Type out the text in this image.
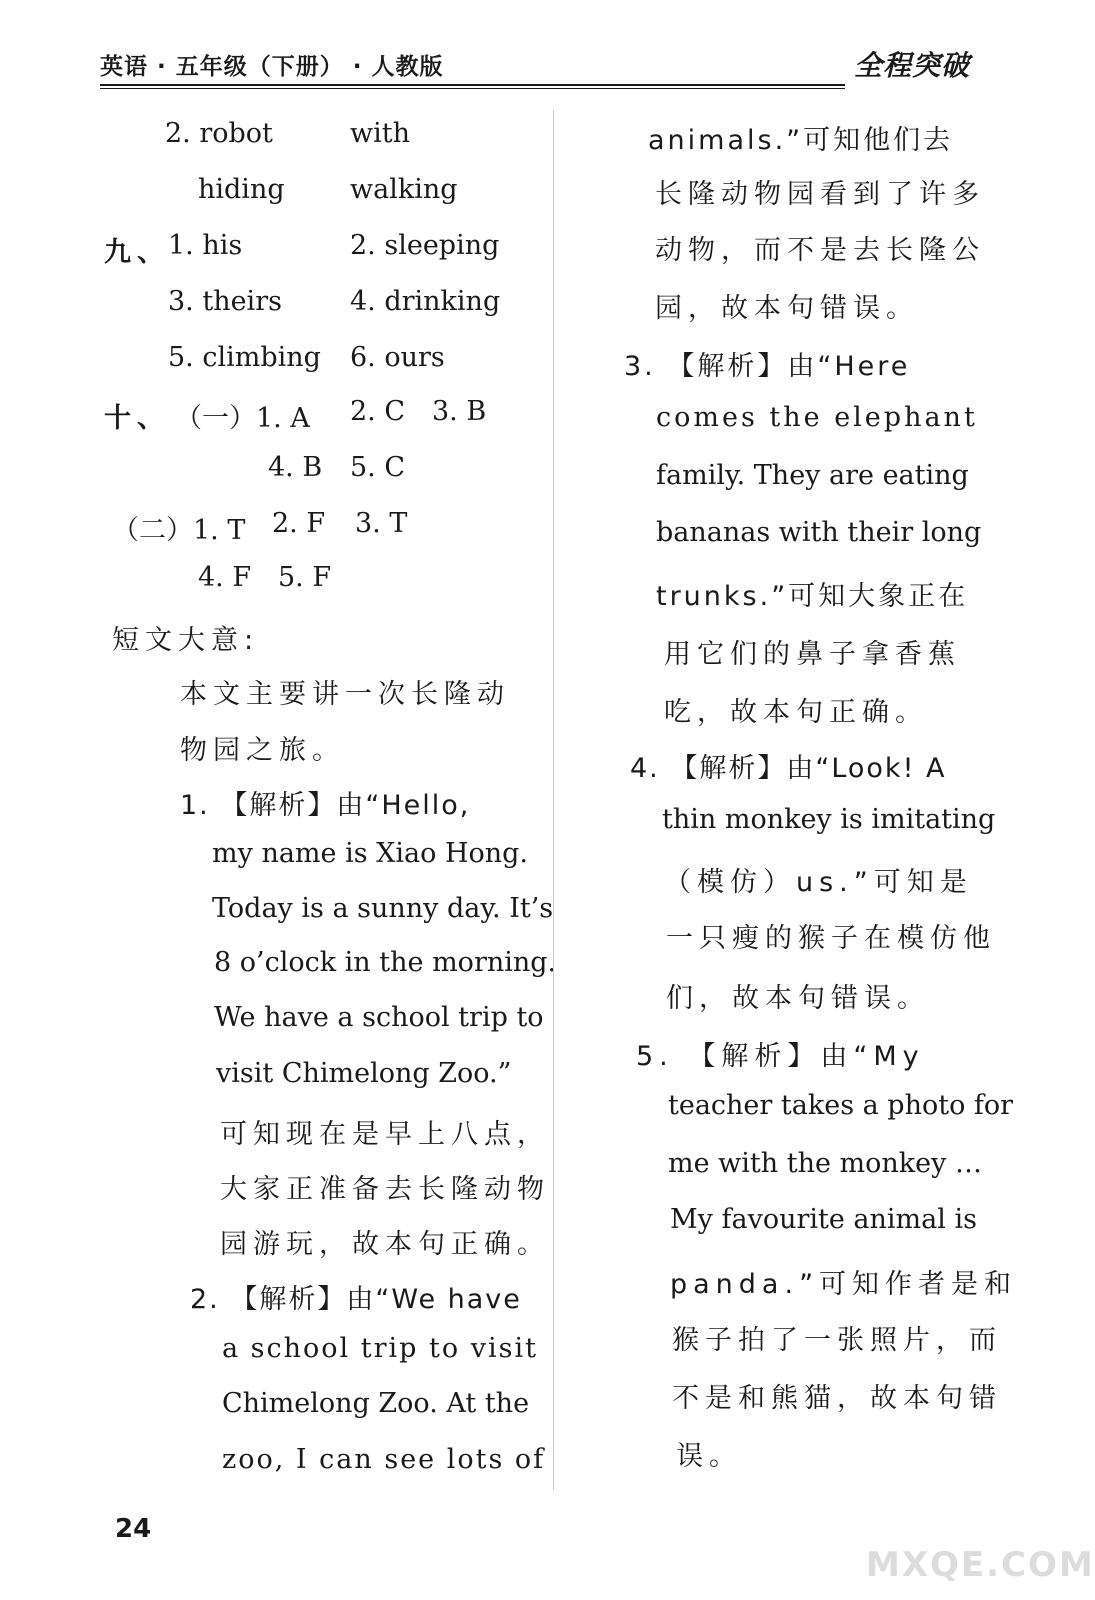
英语 · 五年级（下册） · 人教版	全程突破
2. robot	with
hiding walking
九、
1. his	2. sleeping
3. theirs	4. drinking
5. climbing 6. ours
十、 （一）1. A 2. C 3. B
4. B 5. C
（二）1. T 2. F 3. T
4. F 5. F
短文大意:
本文主要讲一次长隆动
物园之旅。
1. 【解析】由“Hello,
my name is Xiao Hong.
Today is a sunny day. It’s
8 o’clock in the morning.
We have a school trip to
visit Chimelong Zoo.”
可知现在是早上八点，
大家正准备去长隆动物
园游玩，故本句正确。
2. 【解析】由“We have
a school trip to visit
Chimelong Zoo. At the
zoo, I can see lots of
animals.”可知他们去
长隆动物园看到了许多
动物，而不是去长隆公
园，故本句错误。
3. 【解析】由“Here
comes the elephant
family. They are eating
bananas with their long
trunks.”可知大象正在
用它们的鼻子拿香蕉
吃，故本句正确。
4. 【解析】由“Look! A
thin monkey is imitating
（模仿）us.”可知是
一只瘦的猴子在模仿他
们，故本句错误。
5. 【解析】由“My
teacher takes a photo for
me with the monkey …
My favourite animal is
panda.”可知作者是和
猴子拍了一张照片，而
不是和熊猫，故本句错
误。
24
MXQE.COM
